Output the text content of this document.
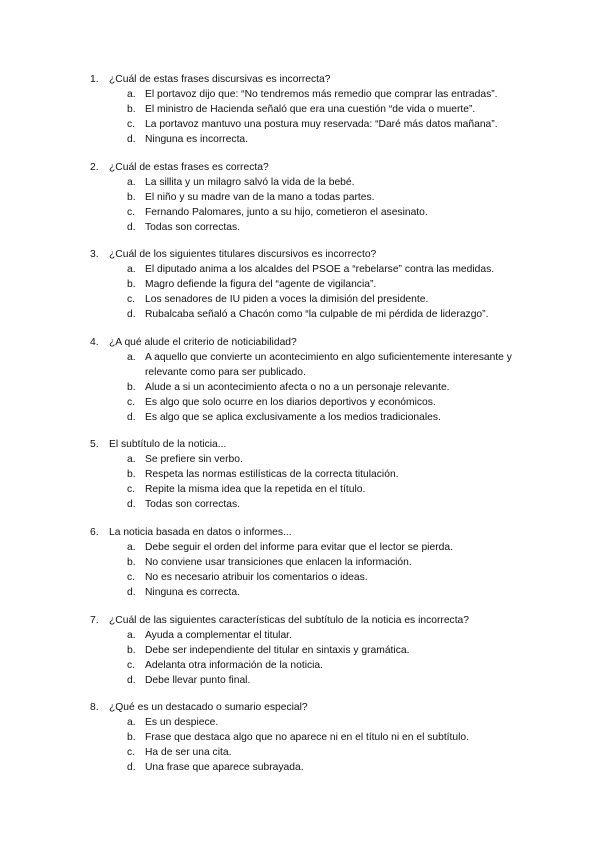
1. ¿Cuál de estas frases discursivas es incorrecta?
a. El portavoz dijo que: “No tendremos más remedio que comprar las entradas”.
b. El ministro de Hacienda señaló que era una cuestión “de vida o muerte”.
c. La portavoz mantuvo una postura muy reservada: “Daré más datos mañana”.
d. Ninguna es incorrecta.
2. ¿Cuál de estas frases es correcta?
a. La sillita y un milagro salvó la vida de la bebé.
b. El niño y su madre van de la mano a todas partes.
c. Fernando Palomares, junto a su hijo, cometieron el asesinato.
d. Todas son correctas.
3. ¿Cuál de los siguientes titulares discursivos es incorrecto?
a. El diputado anima a los alcaldes del PSOE a “rebelarse” contra las medidas.
b. Magro defiende la figura del “agente de vigilancia”.
c. Los senadores de IU piden a voces la dimisión del presidente.
d. Rubalcaba señaló a Chacón como “la culpable de mi pérdida de liderazgo”.
4. ¿A qué alude el criterio de noticiabilidad?
a. A aquello que convierte un acontecimiento en algo suficientemente interesante y relevante como para ser publicado.
b. Alude a si un acontecimiento afecta o no a un personaje relevante.
c. Es algo que solo ocurre en los diarios deportivos y económicos.
d. Es algo que se aplica exclusivamente a los medios tradicionales.
5. El subtítulo de la noticia...
a. Se prefiere sin verbo.
b. Respeta las normas estilísticas de la correcta titulación.
c. Repite la misma idea que la repetida en el título.
d. Todas son correctas.
6. La noticia basada en datos o informes...
a. Debe seguir el orden del informe para evitar que el lector se pierda.
b. No conviene usar transiciones que enlacen la información.
c. No es necesario atribuir los comentarios o ideas.
d. Ninguna es correcta.
7. ¿Cuál de las siguientes características del subtítulo de la noticia es incorrecta?
a. Ayuda a complementar el titular.
b. Debe ser independiente del titular en sintaxis y gramática.
c. Adelanta otra información de la noticia.
d. Debe llevar punto final.
8. ¿Qué es un destacado o sumario especial?
a. Es un despiece.
b. Frase que destaca algo que no aparece ni en el título ni en el subtítulo.
c. Ha de ser una cita.
d. Una frase que aparece subrayada.
